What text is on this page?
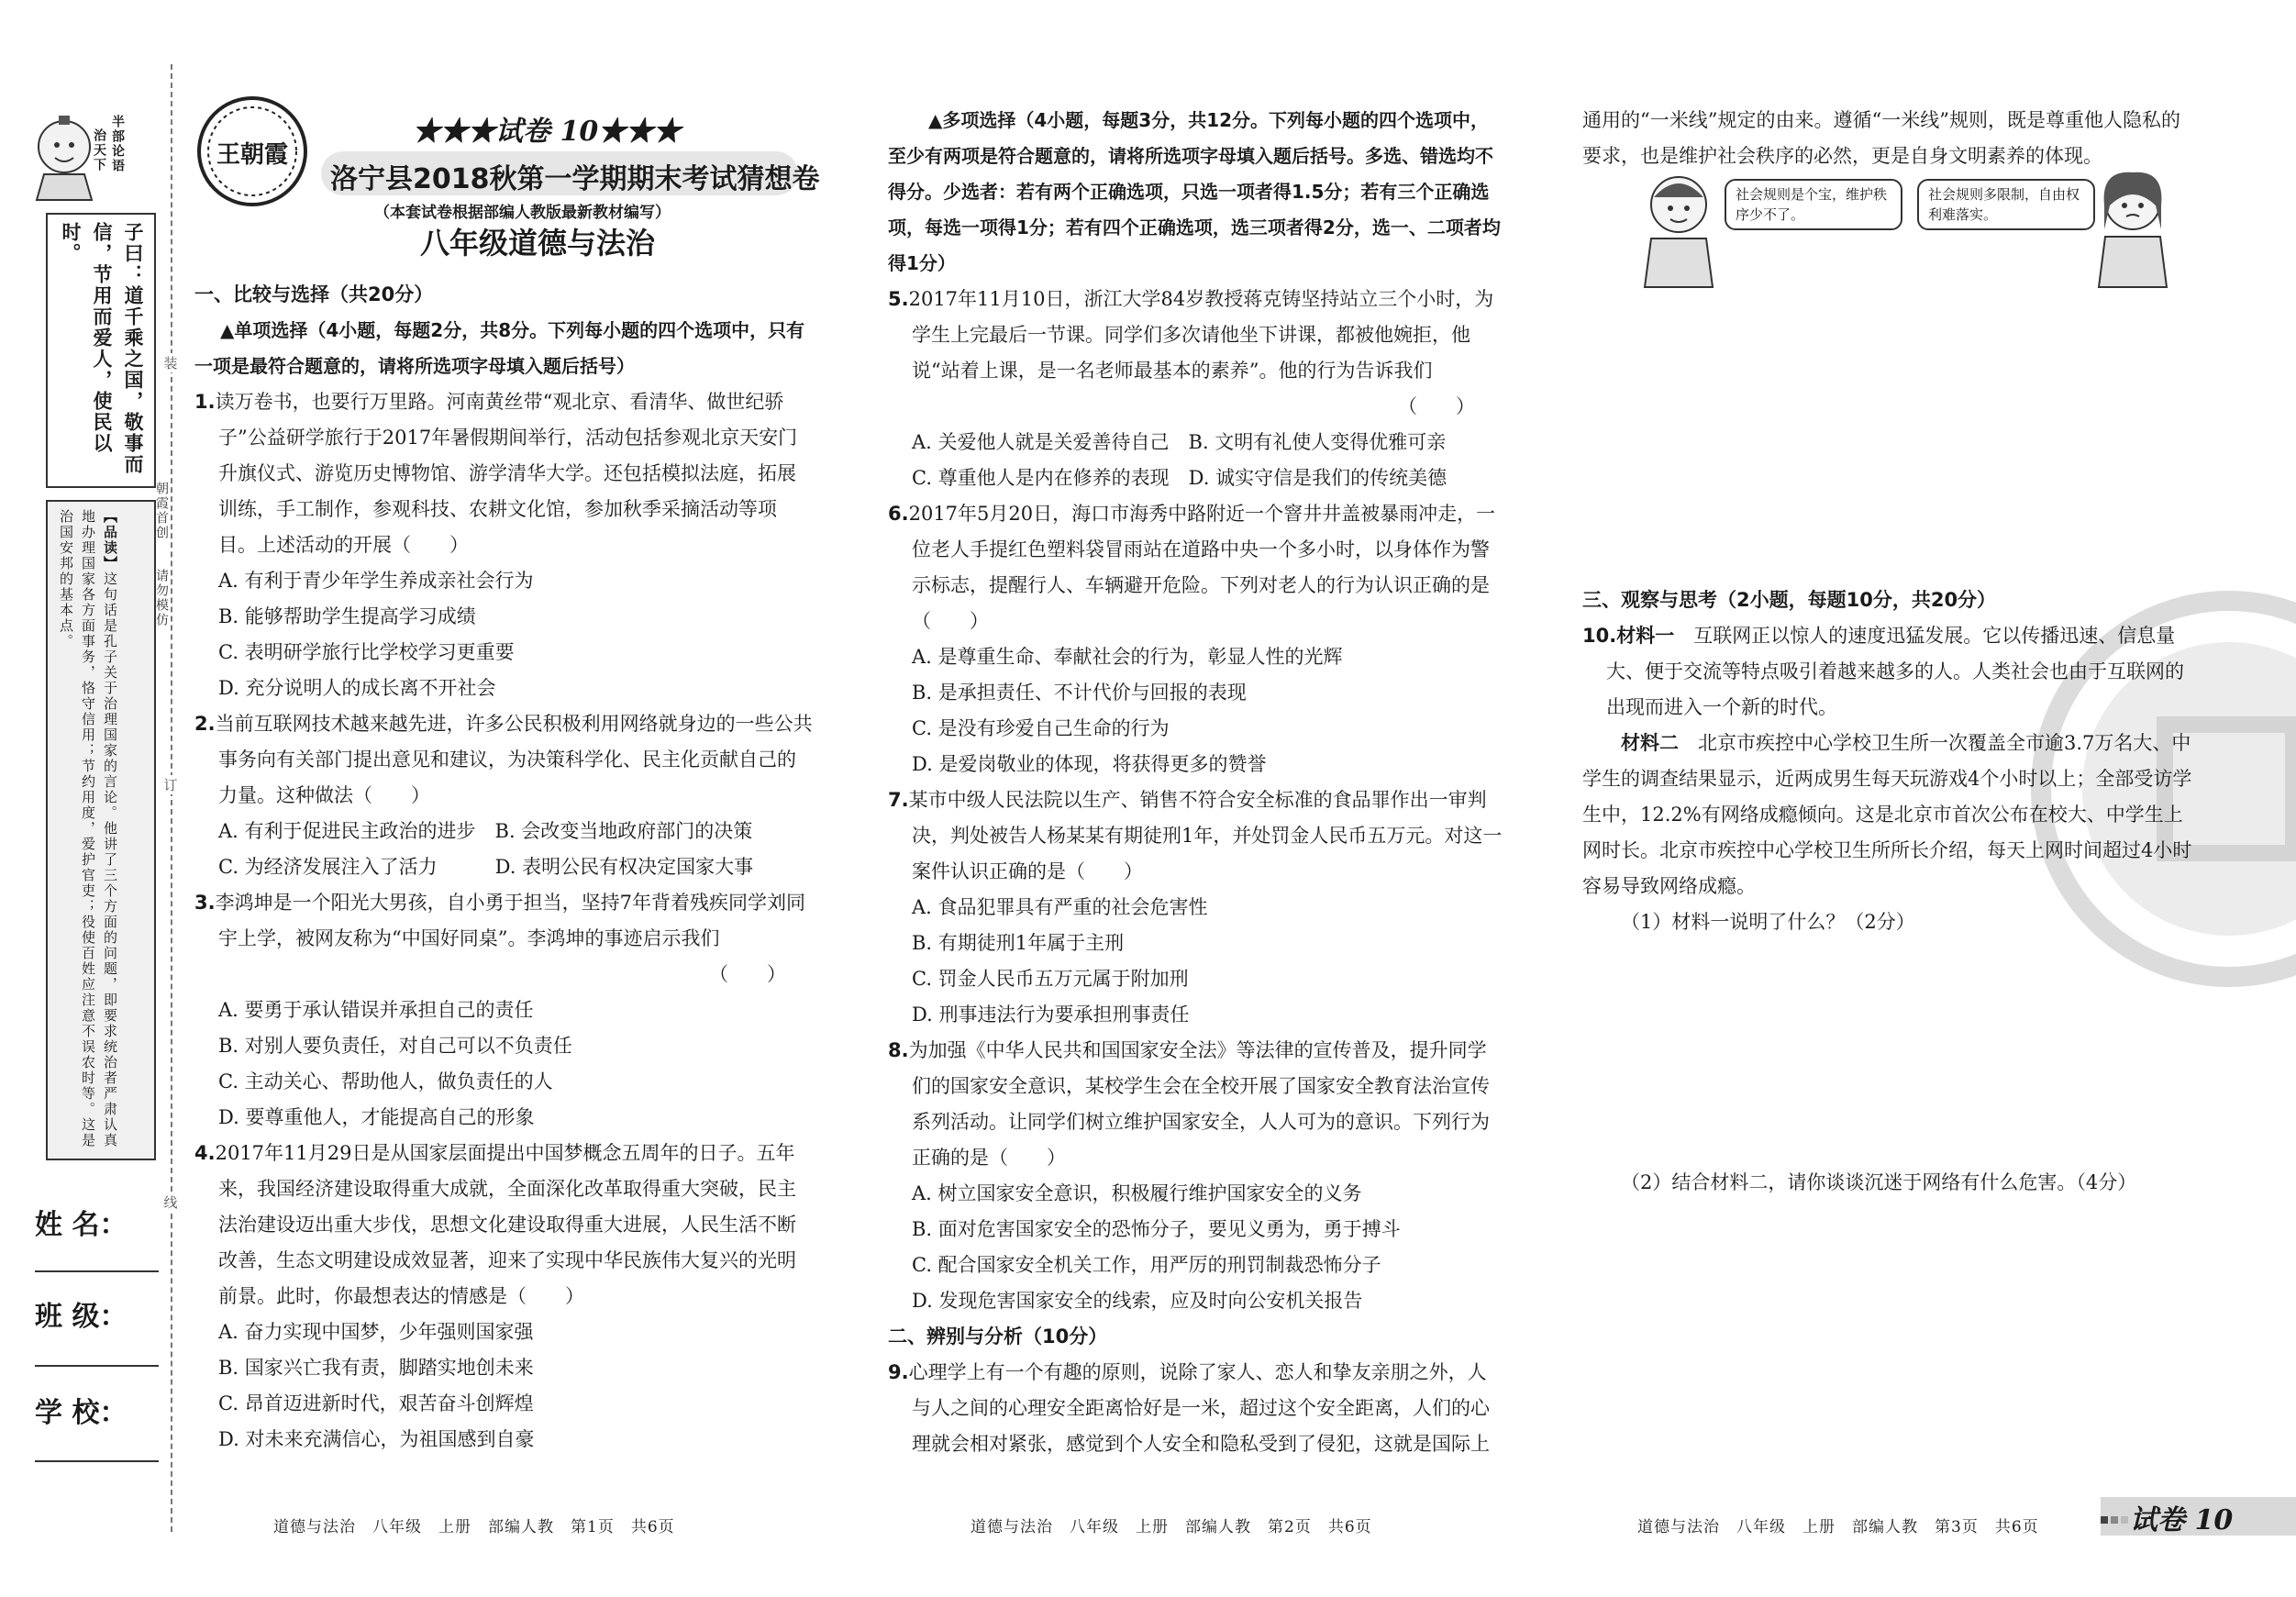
半部论语
治天下
子曰：道千乘之国，敬事而信，节用而爱人，使民以时。
【品读】这句话是孔子关于治理国家的言论。他讲了三个方面的问题，即要求统治者严肃认真地办理国家各方面事务，恪守信用；节约用度，爱护官吏；役使百姓应注意不误农时等。这是治国安邦的基本点。	朝霞首创
请勿模仿
姓 名：
班 级：
学 校：
装
订
线
王朝霞
★★★试卷 10★★★
洛宁县2018秋第一学期期末考试猜想卷
（本套试卷根据部编人教版最新教材编写）
八年级道德与法治

一、比较与选择（共20分）

▲单项选择（4小题，每题2分，共8分。下列每小题的四个选项中，只有一项是最符合题意的，请将所选项字母填入题后括号）

1.读万卷书，也要行万里路。河南黄丝带“观北京、看清华、做世纪骄子”公益研学旅行于2017年暑假期间举行，活动包括参观北京天安门升旗仪式、游览历史博物馆、游学清华大学。还包括模拟法庭，拓展训练，手工制作，参观科技、农耕文化馆，参加秋季采摘活动等项目。上述活动的开展（　　）

A. 有利于青少年学生养成亲社会行为

B. 能够帮助学生提高学习成绩

C. 表明研学旅行比学校学习更重要

D. 充分说明人的成长离不开社会

2.当前互联网技术越来越先进，许多公民积极利用网络就身边的一些公共事务向有关部门提出意见和建议，为决策科学化、民主化贡献自己的力量。这种做法（　　）

A. 有利于促进民主政治的进步　B. 会改变当地政府部门的决策

C. 为经济发展注入了活力　　　D. 表明公民有权决定国家大事

3.李鸿坤是一个阳光大男孩，自小勇于担当，坚持7年背着残疾同学刘同宇上学，被网友称为“中国好同桌”。李鸿坤的事迹启示我们

（　　）

A. 要勇于承认错误并承担自己的责任

B. 对别人要负责任，对自己可以不负责任

C. 主动关心、帮助他人，做负责任的人

D. 要尊重他人，才能提高自己的形象

4.2017年11月29日是从国家层面提出中国梦概念五周年的日子。五年来，我国经济建设取得重大成就，全面深化改革取得重大突破，民主法治建设迈出重大步伐，思想文化建设取得重大进展，人民生活不断改善，生态文明建设成效显著，迎来了实现中华民族伟大复兴的光明前景。此时，你最想表达的情感是（　　）

A. 奋力实现中国梦，少年强则国家强

B. 国家兴亡我有责，脚踏实地创未来

C. 昂首迈进新时代，艰苦奋斗创辉煌

D. 对未来充满信心，为祖国感到自豪

道德与法治　八年级　上册　部编人教　第1页　共6页

▲多项选择（4小题，每题3分，共12分。下列每小题的四个选项中，至少有两项是符合题意的，请将所选项字母填入题后括号。多选、错选均不得分。少选者：若有两个正确选项，只选一项者得1.5分；若有三个正确选项，每选一项得1分；若有四个正确选项，选三项者得2分，选一、二项者均得1分）

5.2017年11月10日，浙江大学84岁教授蒋克铸坚持站立三个小时，为学生上完最后一节课。同学们多次请他坐下讲课，都被他婉拒，他说“站着上课，是一名老师最基本的素养”。他的行为告诉我们

（　　）

A. 关爱他人就是关爱善待自己　B. 文明有礼使人变得优雅可亲

C. 尊重他人是内在修养的表现　D. 诚实守信是我们的传统美德

6.2017年5月20日，海口市海秀中路附近一个窨井井盖被暴雨冲走，一位老人手提红色塑料袋冒雨站在道路中央一个多小时，以身体作为警示标志，提醒行人、车辆避开危险。下列对老人的行为认识正确的是（　　）

A. 是尊重生命、奉献社会的行为，彰显人性的光辉

B. 是承担责任、不计代价与回报的表现

C. 是没有珍爱自己生命的行为

D. 是爱岗敬业的体现，将获得更多的赞誉

7.某市中级人民法院以生产、销售不符合安全标准的食品罪作出一审判决，判处被告人杨某某有期徒刑1年，并处罚金人民币五万元。对这一案件认识正确的是（　　）

A. 食品犯罪具有严重的社会危害性

B. 有期徒刑1年属于主刑

C. 罚金人民币五万元属于附加刑

D. 刑事违法行为要承担刑事责任

8.为加强《中华人民共和国国家安全法》等法律的宣传普及，提升同学们的国家安全意识，某校学生会在全校开展了国家安全教育法治宣传系列活动。让同学们树立维护国家安全，人人可为的意识。下列行为正确的是（　　）

A. 树立国家安全意识，积极履行维护国家安全的义务

B. 面对危害国家安全的恐怖分子，要见义勇为，勇于搏斗

C. 配合国家安全机关工作，用严厉的刑罚制裁恐怖分子

D. 发现危害国家安全的线索，应及时向公安机关报告

二、辨别与分析（10分）

9.心理学上有一个有趣的原则，说除了家人、恋人和挚友亲朋之外，人与人之间的心理安全距离恰好是一米，超过这个安全距离，人们的心理就会相对紧张，感觉到个人安全和隐私受到了侵犯，这就是国际上

道德与法治　八年级　上册　部编人教　第2页　共6页

通用的“一米线”规定的由来。遵循“一米线”规则，既是尊重他人隐私的要求，也是维护社会秩序的必然，更是自身文明素养的体现。

社会规则是个宝，维护秩序少不了。
社会规则多限制，自由权利难落实。

三、观察与思考（2小题，每题10分，共20分）

10.材料一　 互联网正以惊人的速度迅猛发展。它以传播迅速、信息量大、便于交流等特点吸引着越来越多的人。人类社会也由于互联网的出现而进入一个新的时代。

材料二　 北京市疾控中心学校卫生所一次覆盖全市逾3.7万名大、中学生的调查结果显示，近两成男生每天玩游戏4个小时以上；全部受访学生中，12.2%有网络成瘾倾向。这是北京市首次公布在校大、中学生上网时长。北京市疾控中心学校卫生所所长介绍，每天上网时间超过4小时容易导致网络成瘾。

（1）材料一说明了什么？（2分）

（2）结合材料二，请你谈谈沉迷于网络有什么危害。（4分）

道德与法治　八年级　上册　部编人教　第3页　共6页	试卷 10
